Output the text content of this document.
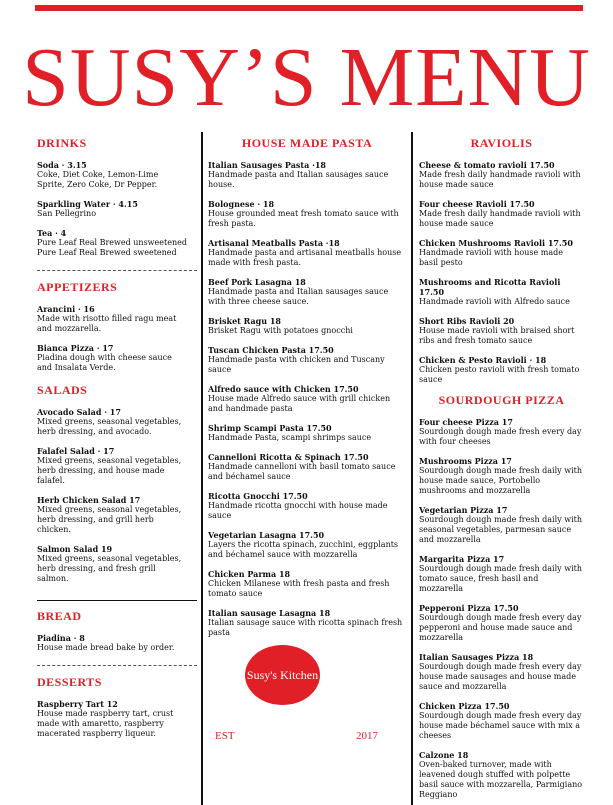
SUSY’S MENU
DRINKS
Soda · 3.15
Coke, Diet Coke, Lemon-Lime Sprite, Zero Coke, Dr Pepper.
Sparkling Water · 4.15
San Pellegrino
Tea · 4
Pure Leaf Real Brewed unsweetened
Pure Leaf Real Brewed sweetened
APPETIZERS
Arancini · 16
Made with risotto filled ragu meat and mozzarella.
Bianca Pizza · 17
Piadina dough with cheese sauce and Insalata Verde.
SALADS
Avocado Salad · 17
Mixed greens, seasonal vegetables, herb dressing, and avocado.
Falafel Salad · 17
Mixed greens, seasonal vegetables, herb dressing, and house made falafel.
Herb Chicken Salad 17
Mixed greens, seasonal vegetables, herb dressing, and grill herb chicken.
Salmon Salad 19
Mixed greens, seasonal vegetables, herb dressing, and fresh grill salmon.
BREAD
Piadina · 8
House made bread bake by order.
DESSERTS
Raspberry Tart 12
House made raspberry tart, crust made with amaretto, raspberry macerated raspberry liqueur.
HOUSE MADE PASTA
Italian Sausages Pasta ·18
Handmade pasta and Italian sausages sauce house.
Bolognese · 18
House grounded meat fresh tomato sauce with fresh pasta.
Artisanal Meatballs Pasta ·18
Handmade pasta and artisanal meatballs house made with fresh pasta.
Beef Pork Lasagna 18
Handmade pasta and Italian sausages sauce with three cheese sauce.
Brisket Ragu 18
Brisket Ragu with potatoes gnocchi
Tuscan Chicken Pasta 17.50
Handmade pasta with chicken and Tuscany sauce
Alfredo sauce with Chicken 17.50
House made Alfredo sauce with grill chicken and handmade pasta
Shrimp Scampi Pasta 17.50
Handmade Pasta, scampi shrimps sauce
Cannelloni Ricotta & Spinach 17.50
Handmade cannelloni with basil tomato sauce and béchamel sauce
Ricotta Gnocchi 17.50
Handmade ricotta gnocchi with house made sauce
Vegetarian Lasagna 17.50
Layers the ricotta spinach, zucchini, eggplants and béchamel sauce with mozzarella
Chicken Parma 18
Chicken Milanese with fresh pasta and fresh tomato sauce
Italian sausage Lasagna 18
Italian sausage sauce with ricotta spinach fresh pasta
Susy's Kitchen
EST	2017
RAVIOLIS
Cheese & tomato ravioli 17.50
Made fresh daily handmade ravioli with house made sauce
Four cheese Ravioli 17.50
Made fresh daily handmade ravioli with house made sauce
Chicken Mushrooms Ravioli 17.50
Handmade ravioli with house made basil pesto
Mushrooms and Ricotta Ravioli 17.50
Handmade ravioli with Alfredo sauce
Short Ribs Ravioli 20
House made ravioli with braised short ribs and fresh tomato sauce
Chicken & Pesto Ravioli · 18
Chicken pesto ravioli with fresh tomato sauce
SOURDOUGH PIZZA
Four cheese Pizza 17
Sourdough dough made fresh every day with four cheeses
Mushrooms Pizza 17
Sourdough dough made fresh daily with house made sauce, Portobello mushrooms and mozzarella
Vegetarian Pizza 17
Sourdough dough made fresh daily with seasonal vegetables, parmesan sauce and mozzarella
Margarita Pizza 17
Sourdough dough made fresh daily with tomato sauce, fresh basil and mozzarella
Pepperoni Pizza 17.50
Sourdough dough made fresh every day pepperoni and house made sauce and mozzarella
Italian Sausages Pizza 18
Sourdough dough made fresh every day house made sausages and house made sauce and mozzarella
Chicken Pizza 17.50
Sourdough dough made fresh every day house made béchamel sauce with mix a cheeses
Calzone 18
Oven-baked turnover, made with leavened dough stuffed with polpette basil sauce with mozzarella, Parmigiano Reggiano
